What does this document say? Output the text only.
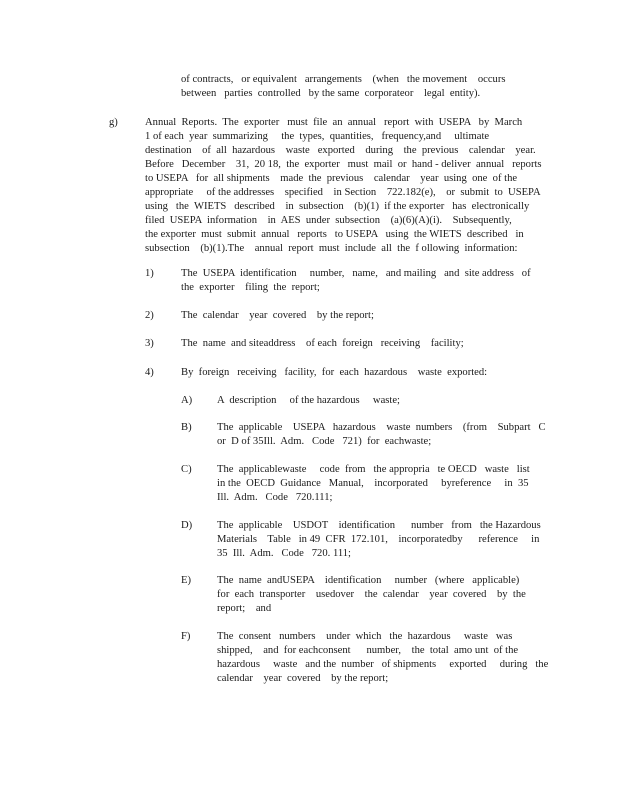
of contracts,   or equivalent   arrangements    (when   the movement    occurs
between   parties  controlled   by the same  corporateor    legal  entity).
g)	Annual  Reports.  The  exporter   must  file  an  annual   report  with  USEPA   by  March
1 of each  year  summarizing     the  types,  quantities,   frequency,and     ultimate
destination    of  all  hazardous    waste   exported    during    the  previous    calendar    year.
Before   December    31,  20 18,  the  exporter   must  mail  or  hand - deliver  annual   reports
to USEPA   for  all shipments    made  the  previous    calendar    year  using  one  of the
appropriate     of the addresses    specified    in Section    722.182(e),    or  submit  to  USEPA
using   the  WIETS   described    in  subsection    (b)(1)  if the exporter   has  electronically
filed  USEPA  information    in  AES  under  subsection    (a)(6)(A)(i).    Subsequently,
the exporter  must  submit  annual   reports   to USEPA   using  the WIETS  described   in
subsection    (b)(1).The    annual  report  must  include  all  the  f ollowing  information:
1)	The  USEPA  identification     number,   name,   and mailing   and  site address   of
the  exporter    filing  the  report;
2)	The  calendar    year  covered    by the report;
3)	The  name  and siteaddress    of each  foreign   receiving    facility;
4)	By  foreign   receiving   facility,  for  each  hazardous    waste  exported:
A) A  description     of the hazardous     waste;
B) The  applicable    USEPA   hazardous    waste  numbers    (from    Subpart   C
or  D of 35Ill.  Adm.   Code   721)  for  eachwaste;
C) The  applicablewaste     code  from   the appropria   te OECD   waste   list
in the  OECD  Guidance   Manual,    incorporated     byreference     in  35
Ill.  Adm.   Code   720.111;
D) The  applicable    USDOT    identification      number   from   the Hazardous
Materials    Table   in 49  CFR  172.101,    incorporatedby      reference     in
35  Ill.  Adm.   Code   720. 111;
E) The  name  andUSEPA    identification     number   (where   applicable)
for  each  transporter    usedover    the  calendar    year  covered    by  the
report;    and
F)	The  consent   numbers    under  which   the  hazardous     waste   was
shipped,    and  for eachconsent      number,    the  total  amo unt  of the
hazardous     waste   and the  number   of shipments     exported     during   the
calendar    year  covered    by the report;
